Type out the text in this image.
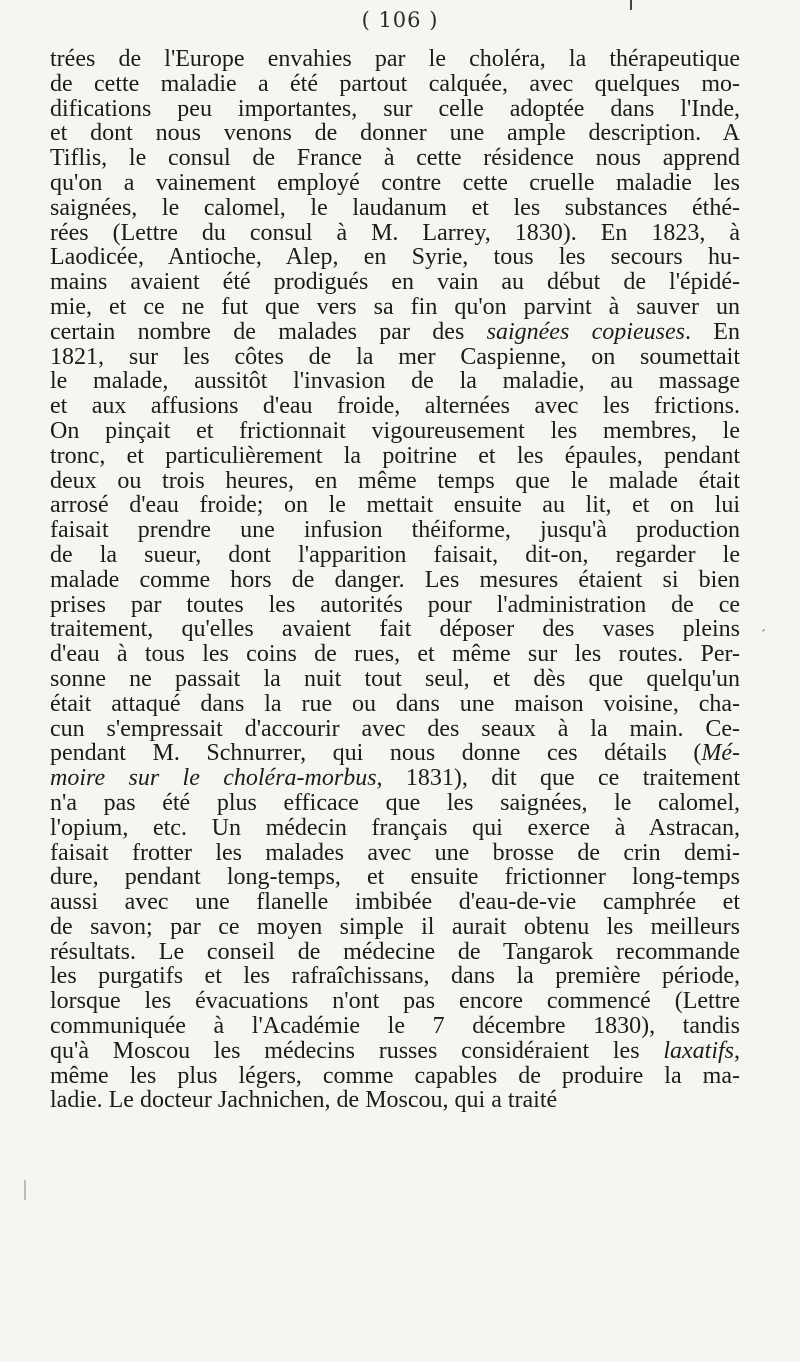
( 106 )
trées de l'Europe envahies par le choléra, la thérapeutique
de cette maladie a été partout calquée, avec quelques mo-
difications peu importantes, sur celle adoptée dans l'Inde,
et dont nous venons de donner une ample description. A
Tiflis, le consul de France à cette résidence nous apprend
qu'on a vainement employé contre cette cruelle maladie les
saignées, le calomel, le laudanum et les substances éthé-
rées (Lettre du consul à M. Larrey, 1830). En 1823, à
Laodicée, Antioche, Alep, en Syrie, tous les secours hu-
mains avaient été prodigués en vain au début de l'épidé-
mie, et ce ne fut que vers sa fin qu'on parvint à sauver un
certain nombre de malades par des saignées copieuses. En
1821, sur les côtes de la mer Caspienne, on soumettait
le malade, aussitôt l'invasion de la maladie, au massage
et aux affusions d'eau froide, alternées avec les frictions.
On pinçait et frictionnait vigoureusement les membres, le
tronc, et particulièrement la poitrine et les épaules, pendant
deux ou trois heures, en même temps que le malade était
arrosé d'eau froide; on le mettait ensuite au lit, et on lui
faisait prendre une infusion théiforme, jusqu'à production
de la sueur, dont l'apparition faisait, dit-on, regarder le
malade comme hors de danger. Les mesures étaient si bien
prises par toutes les autorités pour l'administration de ce
traitement, qu'elles avaient fait déposer des vases pleins
d'eau à tous les coins de rues, et même sur les routes. Per-
sonne ne passait la nuit tout seul, et dès que quelqu'un
était attaqué dans la rue ou dans une maison voisine, cha-
cun s'empressait d'accourir avec des seaux à la main. Ce-
pendant M. Schnurrer, qui nous donne ces détails (Mé-
moire sur le choléra-morbus, 1831), dit que ce traitement
n'a pas été plus efficace que les saignées, le calomel,
l'opium, etc. Un médecin français qui exerce à Astracan,
faisait frotter les malades avec une brosse de crin demi-
dure, pendant long-temps, et ensuite frictionner long-temps
aussi avec une flanelle imbibée d'eau-de-vie camphrée et
de savon; par ce moyen simple il aurait obtenu les meilleurs
résultats. Le conseil de médecine de Tangarok recommande
les purgatifs et les rafraîchissans, dans la première période,
lorsque les évacuations n'ont pas encore commencé (Lettre
communiquée à l'Académie le 7 décembre 1830), tandis
qu'à Moscou les médecins russes considéraient les laxatifs,
même les plus légers, comme capables de produire la ma-
ladie. Le docteur Jachnichen, de Moscou, qui a traité
´
